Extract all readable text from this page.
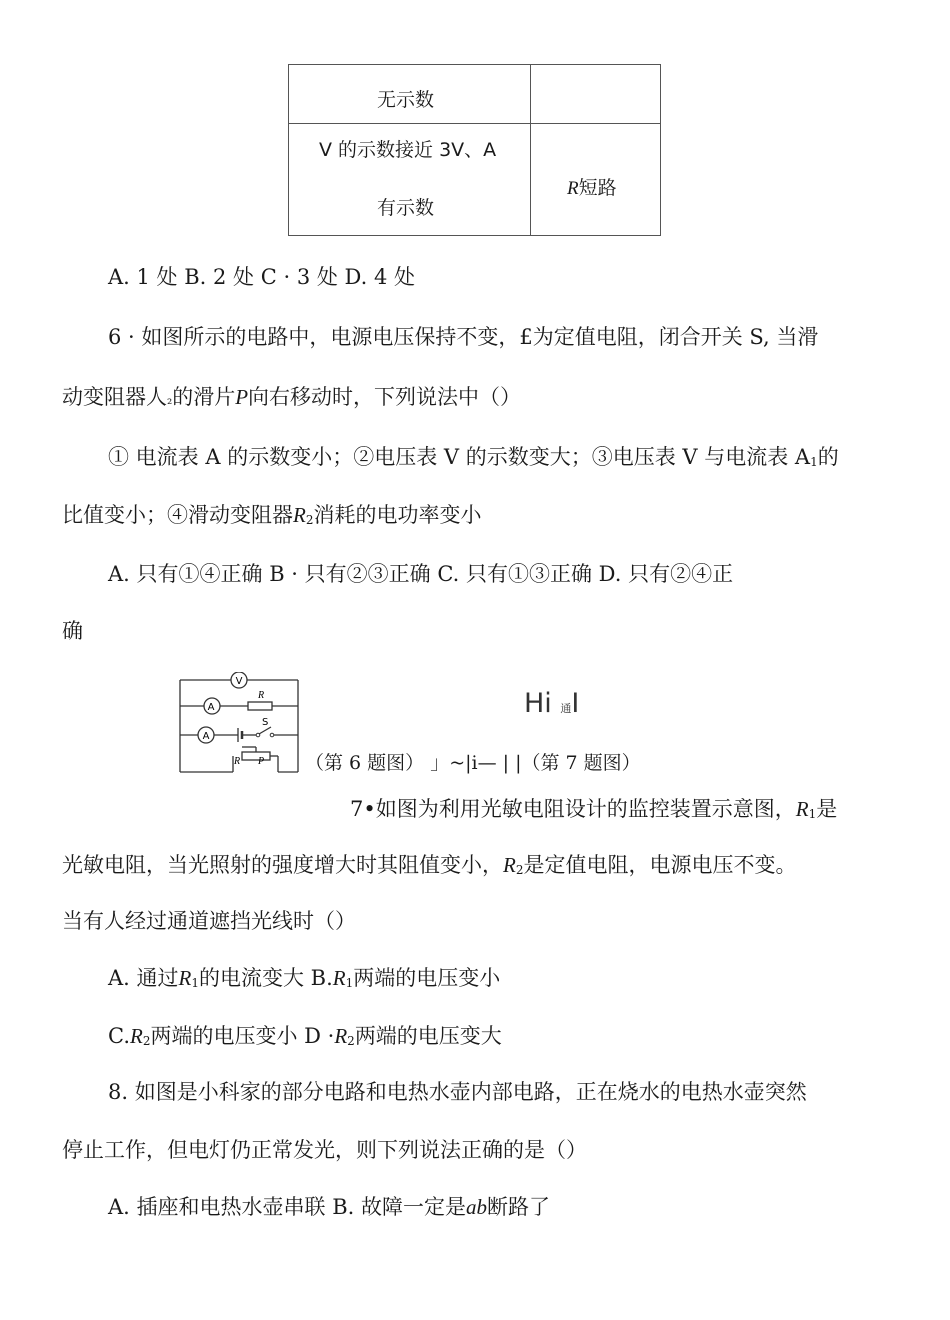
无示数
V 的示数接近 3V、A
有示数
R短路
A. 1 处 B. 2 处 C · 3 处 D. 4 处
6 · 如图所示的电路中，电源电压保持不变，£为定值电阻，闭合开关 S, 当滑
动变阻器人₂的滑片P向右移动时，下列说法中（）
① 电流表 A 的示数变小；②电压表 V 的示数变大；③电压表 V 与电流表 $A_1$的
比值变小；④滑动变阻器$R_2$消耗的电功率变小
A. 只有①④正确 B · 只有②③正确 C. 只有①③正确 D. 只有②④正
确
V
A
R
A
S
R P
Hi 通I
（第 6 题图） 」~|i— | |（第 7 题图）
7•如图为利用光敏电阻设计的监控装置示意图，$R_1$是
光敏电阻，当光照射的强度增大时其阻值变小，$R_2$是定值电阻，电源电压不变。
当有人经过通道遮挡光线时（）
A. 通过$R_1$的电流变大 $B.R_1$两端的电压变小
$C.R_2$两端的电压变小 $D \cdot R_2$两端的电压变大
8. 如图是小科家的部分电路和电热水壶内部电路，正在烧水的电热水壶突然
停止工作，但电灯仍正常发光，则下列说法正确的是（）
A. 插座和电热水壶串联 B. 故障一定是ab断路了
